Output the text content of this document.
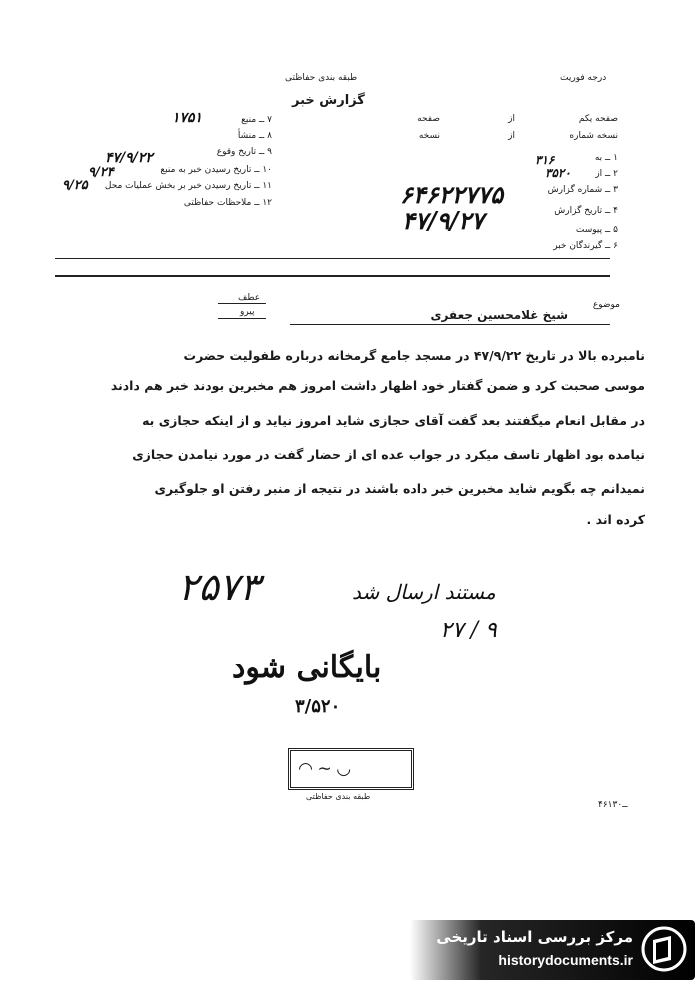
طبقه بندی حفاظتی
گزارش خبر
درجه فوریت
۷ ــ منبع
۱۷۵۱
۸ ــ منشأ
۹ ــ تاریخ وقوع
۴۷/۹/۲۲
۱۰ ــ تاریخ رسیدن خبر به منبع
۹/۲۴
۱۱ ــ تاریخ رسیدن خبر بر بخش عملیات محل
۹/۲۵
۱۲ ــ ملاحظات حفاظتی
صفحه یکم
از
صفحه
نسخه شماره
از
نسخه
۱ ــ به
۳۱۶
۲ ــ از
۳۵۲۰
۳ ــ شماره گزارش
۶۴۶۲۲۷۷۵
۴ ــ تاریخ گزارش
۴۷/۹/۲۷	۵ ــ پیوست
۶ ــ گیرندگان خبر
عطف
پیرو
موضوع
شیخ غلامحسین جعفری
نامبرده بالا در تاریخ ۴۷/۹/۲۲ در مسجد جامع گرمخانه درباره طفولیت حضرت
موسی صحبت کرد و ضمن گفتار خود اظهار داشت امروز هم مخبرین بودند خبر هم دادند
در مقابل انعام میگفتند بعد گفت آقای حجازی شاید امروز نیاید و از اینکه حجازی به
نیامده بود اظهار تاسف میکرد در جواب عده ای از حضار گفت در مورد نیامدن حجازی
نمیدانم چه بگویم شاید مخبرین خبر داده باشند در نتیجه از منبر رفتن او جلوگیری
کرده اند .
۲۵۷۳	مستند ارسال شد
۲۷ / ۹
بایگانی شود
۳/۵۲۰
◡ ∽ ◠
طبقه بندی حفاظتی
۴۶ــ۱۳۰
مرکز بررسی اسناد تاریخی
historydocuments.ir
